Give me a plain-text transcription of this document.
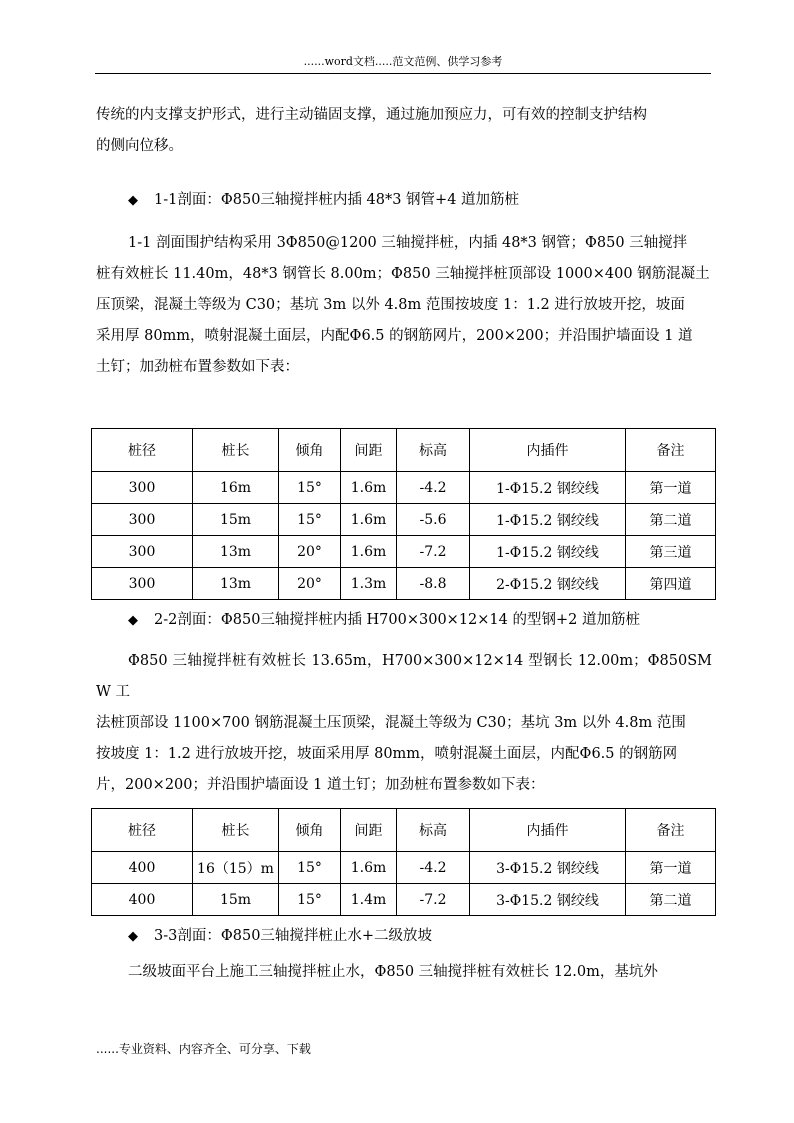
......word文档.....范文范例、供学习参考
传统的内支撑支护形式，进行主动锚固支撑，通过施加预应力，可有效的控制支护结构
的侧向位移。
◆ 1-1剖面：Φ850三轴搅拌桩内插 48*3 钢管+4 道加筋桩
1-1 剖面围护结构采用 3Φ850@1200 三轴搅拌桩，内插 48*3 钢管；Φ850 三轴搅拌
桩有效桩长 11.40m，48*3 钢管长 8.00m；Φ850 三轴搅拌桩顶部设 1000×400 钢筋混凝土
压顶梁，混凝土等级为 C30；基坑 3m 以外 4.8m 范围按坡度 1：1.2 进行放坡开挖，坡面
采用厚 80mm，喷射混凝土面层，内配Φ6.5 的钢筋网片，200×200；并沿围护墙面设 1 道
土钉；加劲桩布置参数如下表：
桩径	桩长	倾角	间距	标高	内插件	备注
300	16m	15°	1.6m	-4.2	1-Φ15.2 钢绞线	第一道
300	15m	15°	1.6m	-5.6	1-Φ15.2 钢绞线	第二道
300	13m	20°	1.6m	-7.2	1-Φ15.2 钢绞线	第三道
300	13m	20°	1.3m	-8.8	2-Φ15.2 钢绞线	第四道
◆ 2-2剖面：Φ850三轴搅拌桩内插 H700×300×12×14 的型钢+2 道加筋桩
Φ850 三轴搅拌桩有效桩长 13.65m，H700×300×12×14 型钢长 12.00m；Φ850SMW 工
法桩顶部设 1100×700 钢筋混凝土压顶梁，混凝土等级为 C30；基坑 3m 以外 4.8m 范围
按坡度 1：1.2 进行放坡开挖，坡面采用厚 80mm，喷射混凝土面层，内配Φ6.5 的钢筋网
片，200×200；并沿围护墙面设 1 道土钉；加劲桩布置参数如下表：
桩径	桩长	倾角	间距	标高	内插件	备注
400	16（15）m	15°	1.6m	-4.2	3-Φ15.2 钢绞线	第一道
400	15m	15°	1.4m	-7.2	3-Φ15.2 钢绞线	第二道
◆ 3-3剖面：Φ850三轴搅拌桩止水+二级放坡
二级坡面平台上施工三轴搅拌桩止水，Φ850 三轴搅拌桩有效桩长 12.0m，基坑外
......专业资料、内容齐全、可分享、下载
